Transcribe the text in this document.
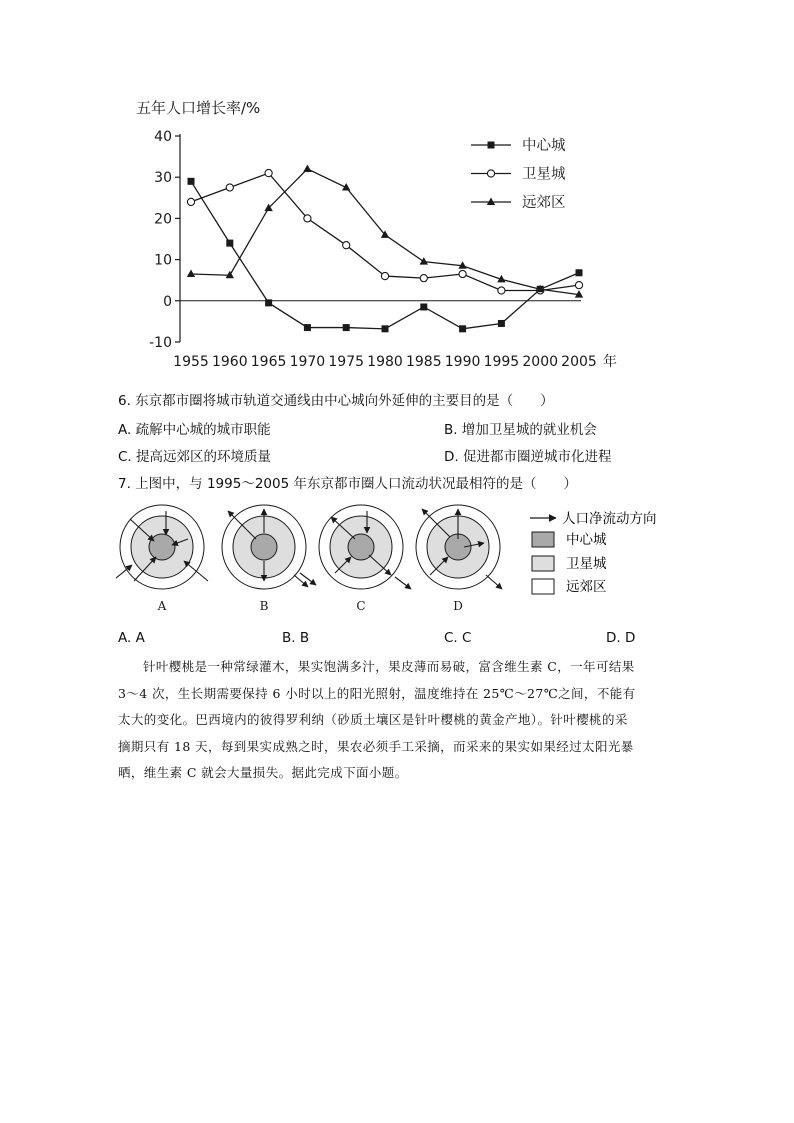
五年人口增长率/%
-10
0
10
20
30
40
1955 1960 1965 1970 1975 1980 1985 1990 1995 2000 2005 年
中心城
卫星城
远郊区
6. 东京都市圈将城市轨道交通线由中心城向外延伸的主要目的是（　　）
A. 疏解中心城的城市职能	B. 增加卫星城的就业机会
C. 提高远郊区的环境质量	D. 促进都市圈逆城市化进程
7. 上图中，与 1995～2005 年东京都市圈人口流动状况最相符的是（　　）
A	B	C	D
人口净流动方向
中心城
卫星城
远郊区
A. A	B. B	C. C	D. D
针叶樱桃是一种常绿灌木，果实饱满多汁，果皮薄而易破，富含维生素 C，一年可结果 3～4 次，生长期需要保持 6 小时以上的阳光照射，温度维持在 25℃～27℃之间，不能有太大的变化。巴西境内的彼得罗利纳（砂质土壤区是针叶樱桃的黄金产地）。针叶樱桃的采摘期只有 18 天，每到果实成熟之时，果农必须手工采摘，而采来的果实如果经过太阳光暴晒，维生素 C 就会大量损失。据此完成下面小题。
